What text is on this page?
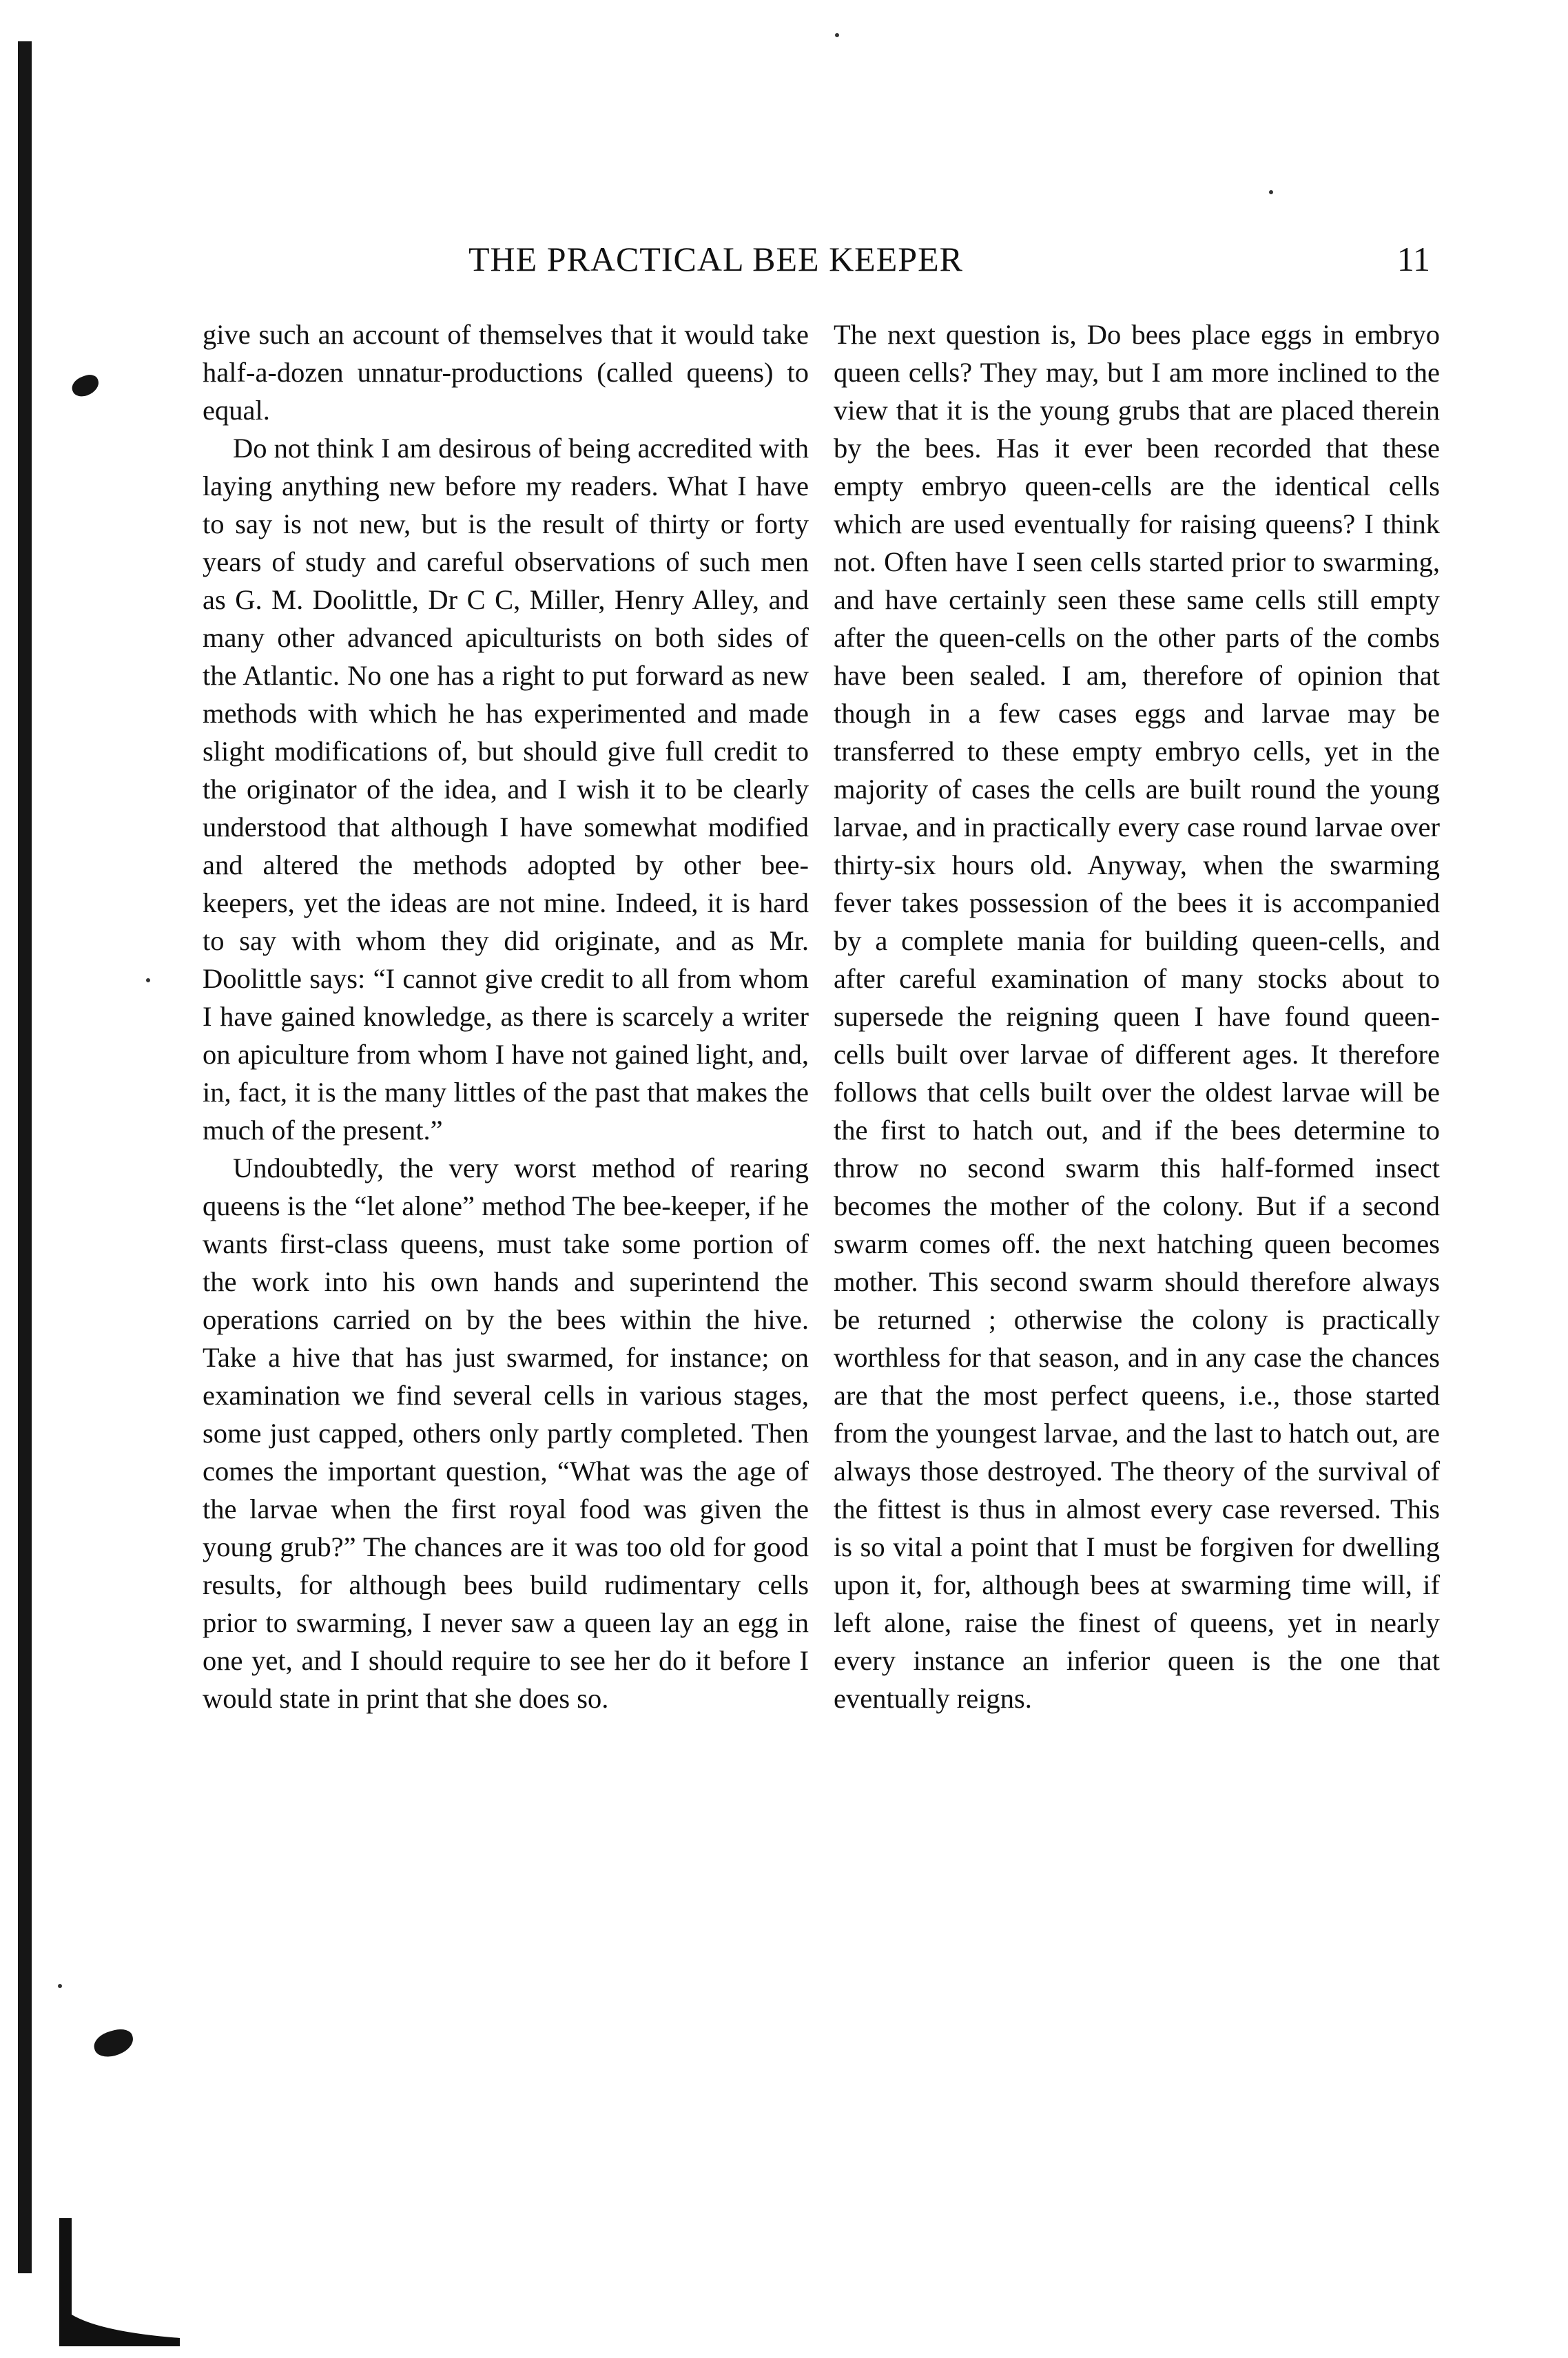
THE PRACTICAL BEE KEEPER	11

give such an account of themselves that it would take half-a-dozen unnatur-productions (called queens) to equal.

Do not think I am desirous of being accredited with laying anything new before my readers. What I have to say is not new, but is the result of thirty or forty years of study and careful observations of such men as G. M. Doolittle, Dr C C, Miller, Henry Alley, and many other advanced apiculturists on both sides of the Atlantic. No one has a right to put forward as new methods with which he has experimented and made slight modifications of, but should give full credit to the originator of the idea, and I wish it to be clearly understood that although I have somewhat modified and altered the methods adopted by other bee-keepers, yet the ideas are not mine. Indeed, it is hard to say with whom they did originate, and as Mr. Doolittle says: “I cannot give credit to all from whom I have gained knowledge, as there is scarcely a writer on apiculture from whom I have not gained light, and, in, fact, it is the many littles of the past that makes the much of the present.”

Undoubtedly, the very worst method of rearing queens is the “let alone” method The bee-keeper, if he wants first-class queens, must take some portion of the work into his own hands and superintend the operations carried on by the bees within the hive. Take a hive that has just swarmed, for instance; on examination we find several cells in various stages, some just capped, others only partly completed. Then comes the important question, “What was the age of the larvae when the first royal food was given the young grub?” The chances are it was too old for good results, for although bees build rudimentary cells prior to swarming, I never saw a queen lay an egg in one yet, and I should require to see her do it before I would state in print that she does so.

The next question is, Do bees place eggs in embryo queen cells? They may, but I am more inclined to the view that it is the young grubs that are placed therein by the bees. Has it ever been recorded that these empty embryo queen-cells are the identical cells which are used eventually for raising queens? I think not. Often have I seen cells started prior to swarming, and have certainly seen these same cells still empty after the queen-cells on the other parts of the combs have been sealed. I am, therefore of opinion that though in a few cases eggs and larvae may be transferred to these empty embryo cells, yet in the majority of cases the cells are built round the young larvae, and in practically every case round larvae over thirty-six hours old. Anyway, when the swarming fever takes possession of the bees it is accompanied by a complete mania for building queen-cells, and after careful examination of many stocks about to supersede the reigning queen I have found queen-cells built over larvae of different ages. It therefore follows that cells built over the oldest larvae will be the first to hatch out, and if the bees determine to throw no second swarm this half-formed insect becomes the mother of the colony. But if a second swarm comes off. the next hatching queen becomes mother. This second swarm should therefore always be returned ; otherwise the colony is practically worthless for that season, and in any case the chances are that the most perfect queens, i.e., those started from the youngest larvae, and the last to hatch out, are always those destroyed. The theory of the survival of the fittest is thus in almost every case reversed. This is so vital a point that I must be forgiven for dwelling upon it, for, although bees at swarming time will, if left alone, raise the finest of queens, yet in nearly every instance an inferior queen is the one that eventually reigns.
